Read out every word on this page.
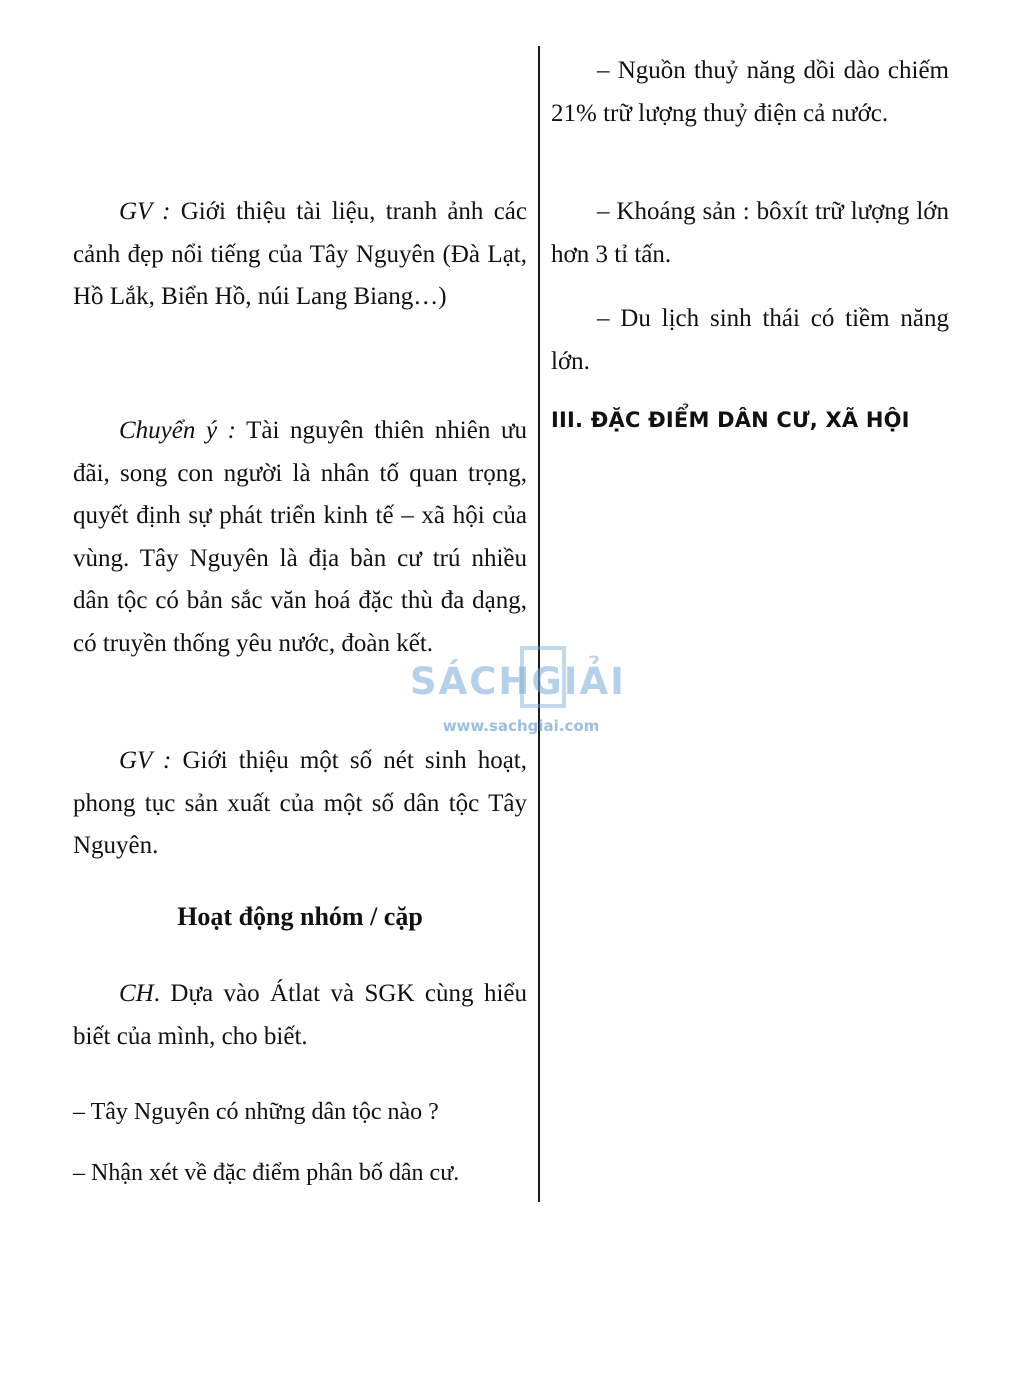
GV : Giới thiệu tài liệu, tranh ảnh các cảnh đẹp nổi tiếng của Tây Nguyên (Đà Lạt, Hồ Lắk, Biển Hồ, núi Lang Biang…)

Chuyển ý : Tài nguyên thiên nhiên ưu đãi, song con người là nhân tố quan trọng, quyết định sự phát triển kinh tế – xã hội của vùng. Tây Nguyên là địa bàn cư trú nhiều dân tộc có bản sắc văn hoá đặc thù đa dạng, có truyền thống yêu nước, đoàn kết.

GV : Giới thiệu một số nét sinh hoạt, phong tục sản xuất của một số dân tộc Tây Nguyên.

Hoạt động nhóm / cặp

CH. Dựa vào Átlat và SGK cùng hiểu biết của mình, cho biết.

– Tây Nguyên có những dân tộc nào ?

– Nhận xét về đặc điểm phân bố dân cư.

– Nguồn thuỷ năng dồi dào chiếm 21% trữ lượng thuỷ điện cả nước.

– Khoáng sản : bôxít trữ lượng lớn hơn 3 tỉ tấn.

– Du lịch sinh thái có tiềm năng lớn.

III. ĐẶC ĐIỂM DÂN CƯ, XÃ HỘI
SÁCHGIẢI
www.sachgiai.com
